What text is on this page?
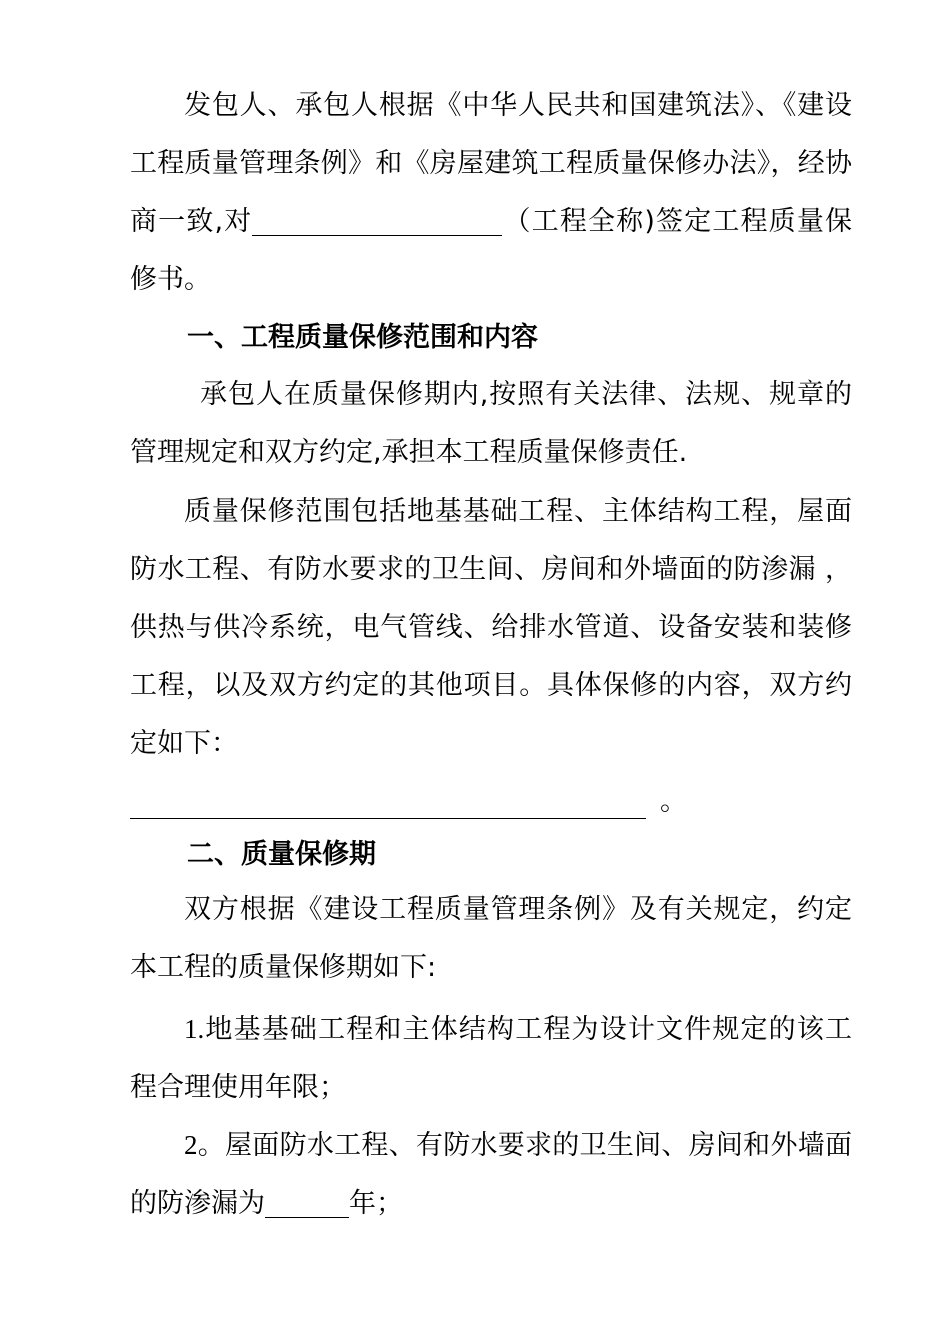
发包人、承包人根据《中华人民共和国建筑法》、《建设工程质量管理条例》和《房屋建筑工程质量保修办法》，经协商一致,对	（工程全称)签定工程质量保修书。

一、工程质量保修范围和内容

承包人在质量保修期内,按照有关法律、法规、规章的管理规定和双方约定,承担本工程质量保修责任.

质量保修范围包括地基基础工程、主体结构工程，屋面防水工程、有防水要求的卫生间、房间和外墙面的防渗漏 ，供热与供冷系统，电气管线、给排水管道、设备安装和装修工程，以及双方约定的其他项目。具体保修的内容，双方约定如下：

。

二、质量保修期

双方根据《建设工程质量管理条例》及有关规定，约定本工程的质量保修期如下:

1.地基基础工程和主体结构工程为设计文件规定的该工程合理使用年限；

2。屋面防水工程、有防水要求的卫生间、房间和外墙面的防渗漏为	年；
